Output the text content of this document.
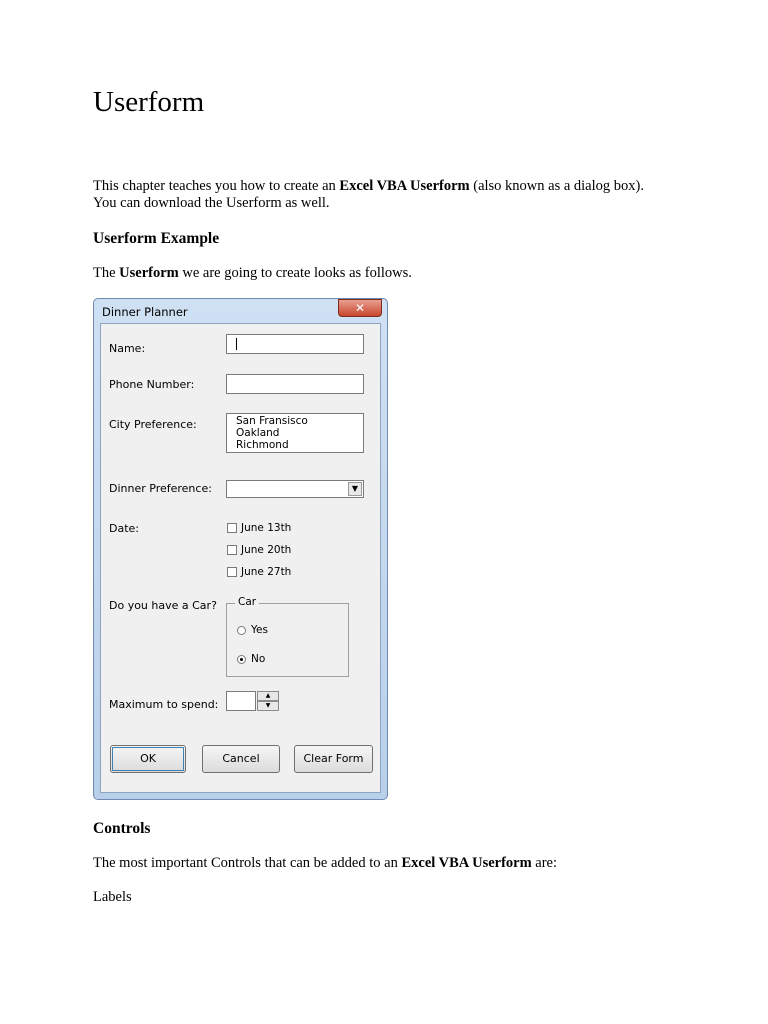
Userform

This chapter teaches you how to create an Excel VBA Userform (also known as a dialog box). You can download the Userform as well.

Userform Example

The Userform we are going to create looks as follows.

Controls

The most important Controls that can be added to an Excel VBA Userform are:

Labels

Dinner Planner	✕
Name:
Phone Number:
City Preference:	San Fransisco
Oakland
Richmond
Dinner Preference:	▼
Date:	June 13th
June 20th
June 27th
Do you have a Car? Car
Yes
No
Maximum to spend:
▲
▼
OK	Cancel	Clear Form
